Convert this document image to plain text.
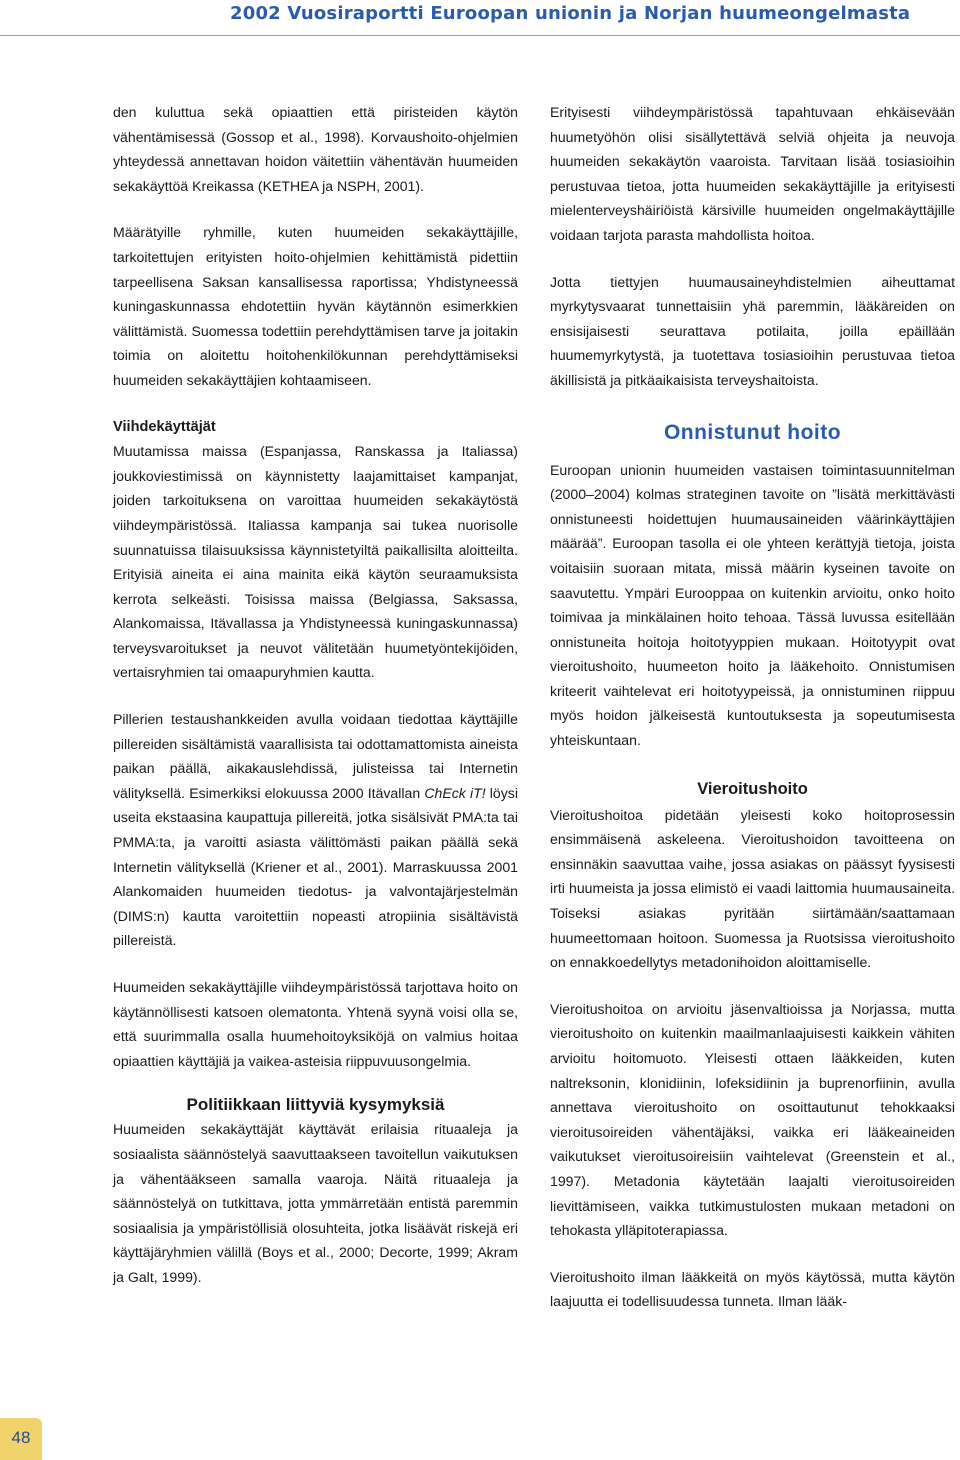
2002 Vuosiraportti Euroopan unionin ja Norjan huumeongelmasta

den kuluttua sekä opiaattien että piristeiden käytön vähentämisessä (Gossop et al., 1998). Korvaushoito-ohjelmien yhteydessä annettavan hoidon väitettiin vähentävän huumeiden sekakäyttöä Kreikassa (KETHEA ja NSPH, 2001).

Määrätyille ryhmille, kuten huumeiden sekakäyttäjille, tarkoitettujen erityisten hoito-ohjelmien kehittämistä pidettiin tarpeellisena Saksan kansallisessa raportissa; Yhdistyneessä kuningaskunnassa ehdotettiin hyvän käytännön esimerkkien välittämistä. Suomessa todettiin perehdyttämisen tarve ja joitakin toimia on aloitettu hoitohenkilökunnan perehdyttämiseksi huumeiden sekakäyttäjien kohtaamiseen.

Viihdekäyttäjät

Muutamissa maissa (Espanjassa, Ranskassa ja Italiassa) joukkoviestimissä on käynnistetty laajamittaiset kampanjat, joiden tarkoituksena on varoittaa huumeiden sekakäytöstä viihdeympäristössä. Italiassa kampanja sai tukea nuorisolle suunnatuissa tilaisuuksissa käynnistetyiltä paikallisilta aloitteilta. Erityisiä aineita ei aina mainita eikä käytön seuraamuksista kerrota selkeästi. Toisissa maissa (Belgiassa, Saksassa, Alankomaissa, Itävallassa ja Yhdistyneessä kuningaskunnassa) terveysvaroitukset ja neuvot välitetään huumetyöntekijöiden, vertaisryhmien tai omaapuryhmien kautta.

Pillerien testaushankkeiden avulla voidaan tiedottaa käyttäjille pillereiden sisältämistä vaarallisista tai odottamattomista aineista paikan päällä, aikakauslehdissä, julisteissa tai Internetin välityksellä. Esimerkiksi elokuussa 2000 Itävallan ChEck iT! löysi useita ekstaasina kaupattuja pillereitä, jotka sisälsivät PMA:ta tai PMMA:ta, ja varoitti asiasta välittömästi paikan päällä sekä Internetin välityksellä (Kriener et al., 2001). Marraskuussa 2001 Alankomaiden huumeiden tiedotus- ja valvontajärjestelmän (DIMS:n) kautta varoitettiin nopeasti atropiinia sisältävistä pillereistä.

Huumeiden sekakäyttäjille viihdeympäristössä tarjottava hoito on käytännöllisesti katsoen olematonta. Yhtenä syynä voisi olla se, että suurimmalla osalla huumehoitoyksiköjä on valmius hoitaa opiaattien käyttäjiä ja vaikea-asteisia riippuvuusongelmia.

Politiikkaan liittyviä kysymyksiä

Huumeiden sekakäyttäjät käyttävät erilaisia rituaaleja ja sosiaalista säännöstelyä saavuttaakseen tavoitellun vaikutuksen ja vähentääkseen samalla vaaroja. Näitä rituaaleja ja säännöstelyä on tutkittava, jotta ymmärretään entistä paremmin sosiaalisia ja ympäristöllisiä olosuhteita, jotka lisäävät riskejä eri käyttäjäryhmien välillä (Boys et al., 2000; Decorte, 1999; Akram ja Galt, 1999).

Erityisesti viihdeympäristössä tapahtuvaan ehkäisevään huumetyöhön olisi sisällytettävä selviä ohjeita ja neuvoja huumeiden sekakäytön vaaroista. Tarvitaan lisää tosiasioihin perustuvaa tietoa, jotta huumeiden sekakäyttäjille ja erityisesti mielenterveyshäiriöistä kärsiville huumeiden ongelmakäyttäjille voidaan tarjota parasta mahdollista hoitoa.

Jotta tiettyjen huumausaineyhdistelmien aiheuttamat myrkytysvaarat tunnettaisiin yhä paremmin, lääkäreiden on ensisijaisesti seurattava potilaita, joilla epäillään huumemyrkytystä, ja tuotettava tosiasioihin perustuvaa tietoa äkillisistä ja pitkäaikaisista terveyshaitoista.

Onnistunut hoito

Euroopan unionin huumeiden vastaisen toimintasuunnitelman (2000–2004) kolmas strateginen tavoite on ”lisätä merkittävästi onnistuneesti hoidettujen huumausaineiden väärinkäyttäjien määrää”. Euroopan tasolla ei ole yhteen kerättyjä tietoja, joista voitaisiin suoraan mitata, missä määrin kyseinen tavoite on saavutettu. Ympäri Eurooppaa on kuitenkin arvioitu, onko hoito toimivaa ja minkälainen hoito tehoaa. Tässä luvussa esitellään onnistuneita hoitoja hoitotyyppien mukaan. Hoitotyypit ovat vieroitushoito, huumeeton hoito ja lääkehoito. Onnistumisen kriteerit vaihtelevat eri hoitotyypeissä, ja onnistuminen riippuu myös hoidon jälkeisestä kuntoutuksesta ja sopeutumisesta yhteiskuntaan.

Vieroitushoito

Vieroitushoitoa pidetään yleisesti koko hoitoprosessin ensimmäisenä askeleena. Vieroitushoidon tavoitteena on ensinnäkin saavuttaa vaihe, jossa asiakas on päässyt fyysisesti irti huumeista ja jossa elimistö ei vaadi laittomia huumausaineita. Toiseksi asiakas pyritään siirtämään/saattamaan huumeettomaan hoitoon. Suomessa ja Ruotsissa vieroitushoito on ennakkoedellytys metadonihoidon aloittamiselle.

Vieroitushoitoa on arvioitu jäsenvaltioissa ja Norjassa, mutta vieroitushoito on kuitenkin maailmanlaajuisesti kaikkein vähiten arvioitu hoitomuoto. Yleisesti ottaen lääkkeiden, kuten naltreksonin, klonidiinin, lofeksidiinin ja buprenorfiinin, avulla annettava vieroitushoito on osoittautunut tehokkaaksi vieroitusoireiden vähentäjäksi, vaikka eri lääkeaineiden vaikutukset vieroitusoireisiin vaihtelevat (Greenstein et al., 1997). Metadonia käytetään laajalti vieroitusoireiden lievittämiseen, vaikka tutkimustulosten mukaan metadoni on tehokasta ylläpitoterapiassa.

Vieroitushoito ilman lääkkeitä on myös käytössä, mutta käytön laajuutta ei todellisuudessa tunneta. Ilman lääk-

48
